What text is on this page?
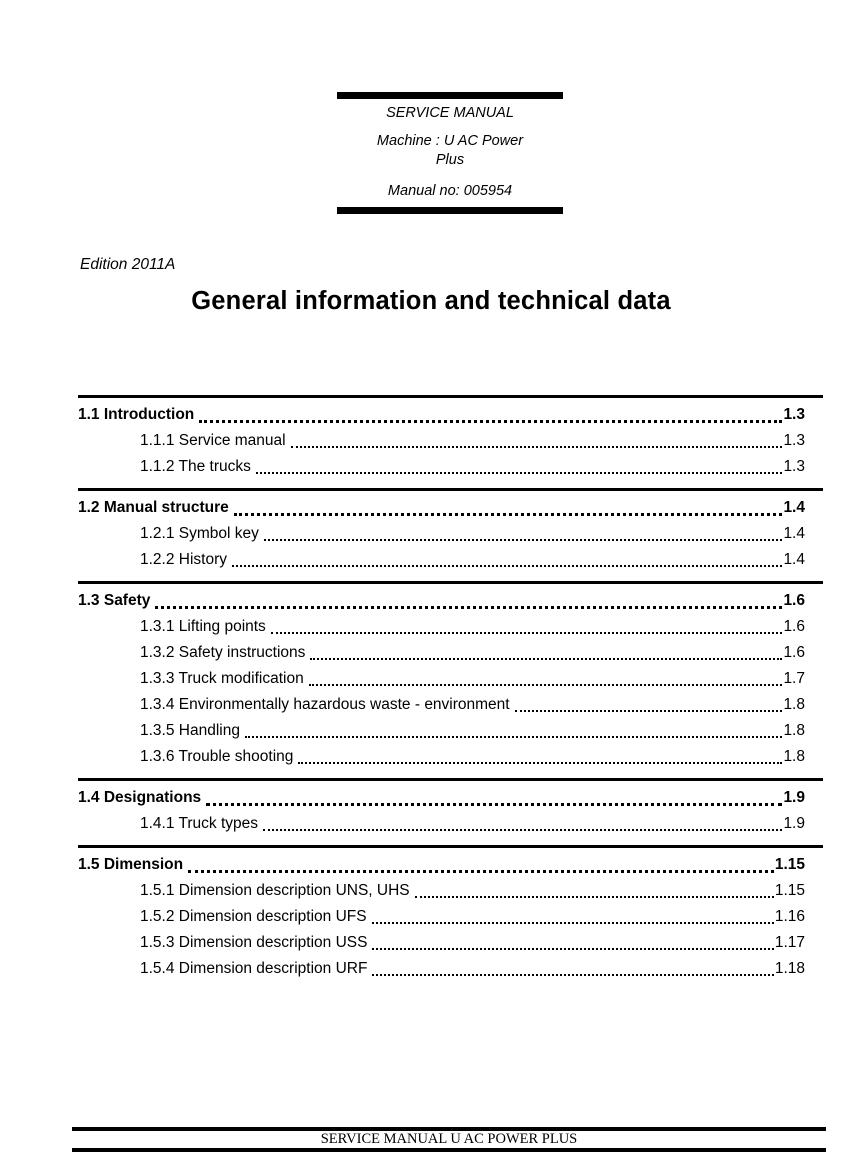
SERVICE MANUAL
Machine : U AC Power
Plus
Manual no: 005954
Edition 2011A
General information and technical data
1.1 Introduction	1.3
1.1.1 Service manual	1.3
1.1.2 The trucks	1.3
1.2 Manual structure	1.4
1.2.1 Symbol key	1.4
1.2.2 History	1.4
1.3 Safety	1.6
1.3.1 Lifting points	1.6
1.3.2 Safety instructions	1.6
1.3.3 Truck modification	1.7
1.3.4 Environmentally hazardous waste - environment	1.8
1.3.5 Handling	1.8
1.3.6 Trouble shooting	1.8
1.4 Designations	1.9
1.4.1 Truck types	1.9
1.5 Dimension	1.15
1.5.1 Dimension description UNS, UHS	1.15
1.5.2 Dimension description UFS	1.16
1.5.3 Dimension description USS	1.17
1.5.4 Dimension description URF	1.18
SERVICE MANUAL U AC POWER PLUS
